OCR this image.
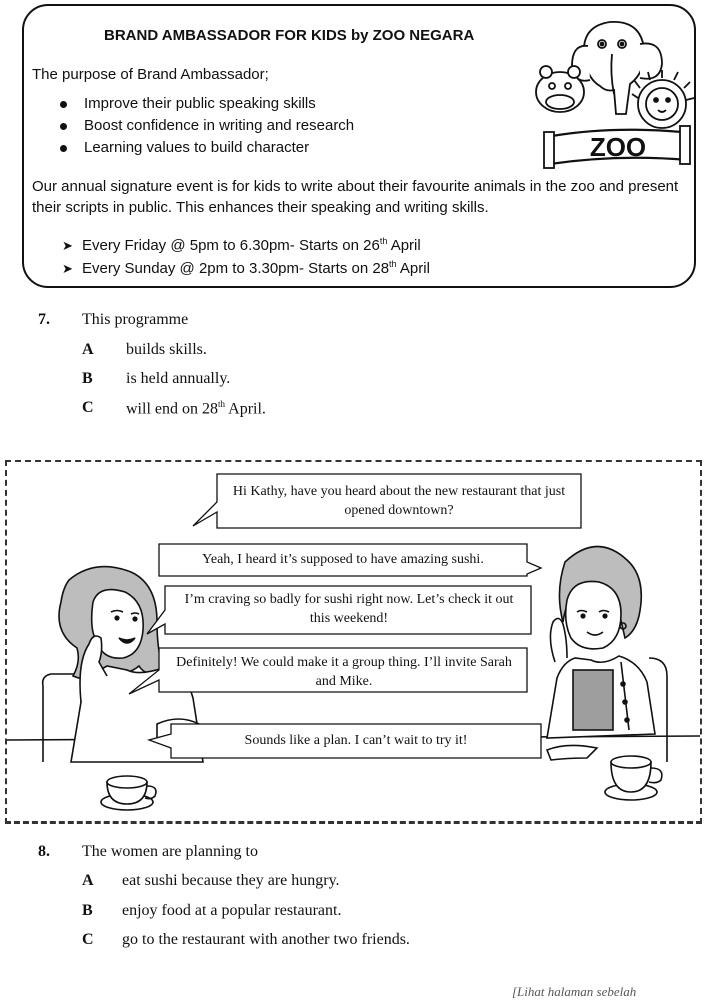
BRAND AMBASSADOR FOR KIDS by ZOO NEGARA
The purpose of Brand Ambassador;
Improve their public speaking skills
Boost confidence in writing and research
Learning values to build character
Our annual signature event is for kids to write about their favourite animals in the zoo and present their scripts in public. This enhances their speaking and writing skills.
➤ Every Friday @ 5pm to 6.30pm- Starts on 26th April
➤ Every Sunday @ 2pm to 3.30pm- Starts on 28th April
ZOO
7. This programme
A builds skills.
B is held annually.
C will end on 28th April.
Hi Kathy, have you heard about the new restaurant that just opened downtown?
Yeah, I heard it’s supposed to have amazing sushi.
I’m craving so badly for sushi right now. Let’s check it out this weekend!
Definitely! We could make it a group thing. I’ll invite Sarah and Mike.
Sounds like a plan. I can’t wait to try it!
8. The women are planning to
A eat sushi because they are hungry.
B enjoy food at a popular restaurant.
C go to the restaurant with another two friends.
[Lihat halaman sebelah
